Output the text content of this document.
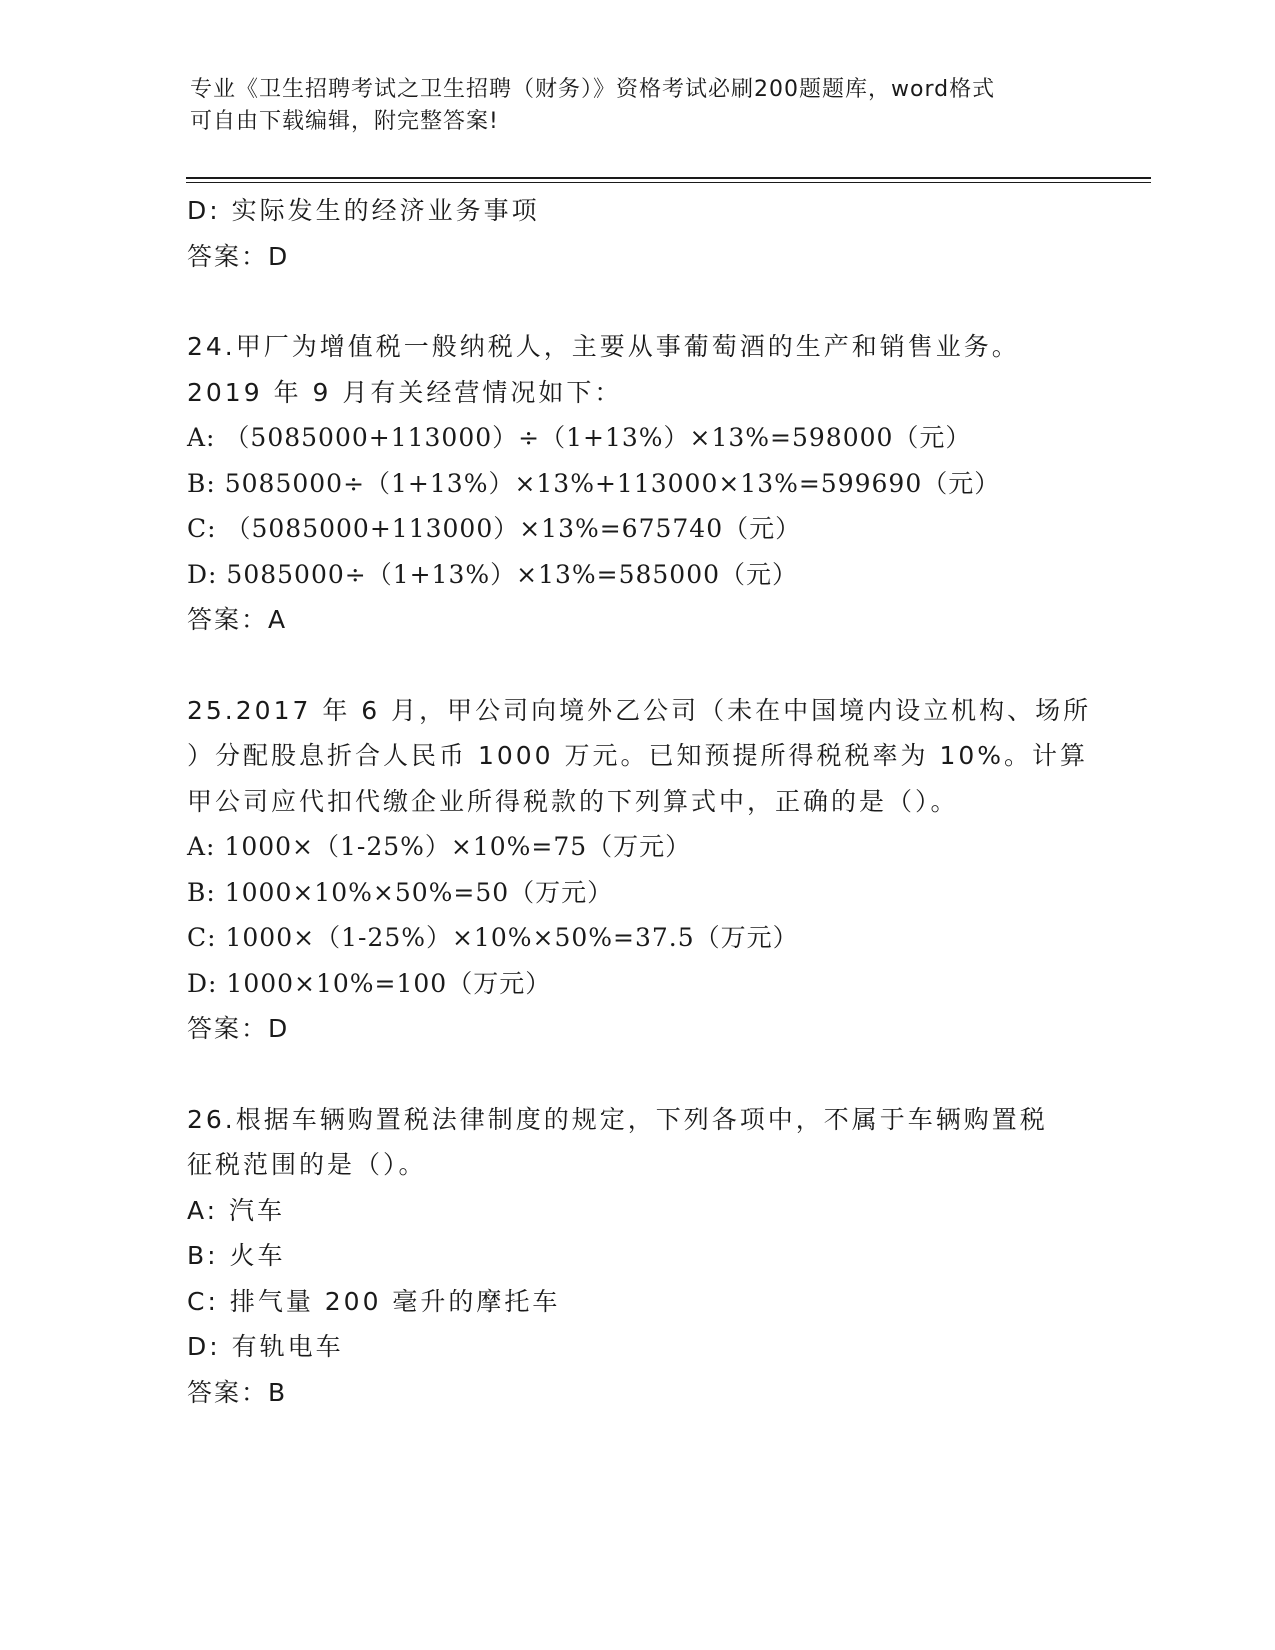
专业《卫生招聘考试之卫生招聘（财务）》资格考试必刷200题题库，word格式
可自由下载编辑，附完整答案!
D: 实际发生的经济业务事项
答案：D
24.甲厂为增值税一般纳税人，主要从事葡萄酒的生产和销售业务。
2019 年 9 月有关经营情况如下：
A: （5085000+113000）÷（1+13%）×13%=598000（元）
B: 5085000÷（1+13%）×13%+113000×13%=599690（元）
C: （5085000+113000）×13%=675740（元）
D: 5085000÷（1+13%）×13%=585000（元）
答案：A
25.2017 年 6 月，甲公司向境外乙公司（未在中国境内设立机构、场所
）分配股息折合人民币 1000 万元。已知预提所得税税率为 10%。计算
甲公司应代扣代缴企业所得税款的下列算式中，正确的是（）。
A: 1000×（1-25%）×10%=75（万元）
B: 1000×10%×50%=50（万元）
C: 1000×（1-25%）×10%×50%=37.5（万元）
D: 1000×10%=100（万元）
答案：D
26.根据车辆购置税法律制度的规定，下列各项中，不属于车辆购置税
征税范围的是（）。
A: 汽车
B: 火车
C: 排气量 200 毫升的摩托车
D: 有轨电车
答案：B
